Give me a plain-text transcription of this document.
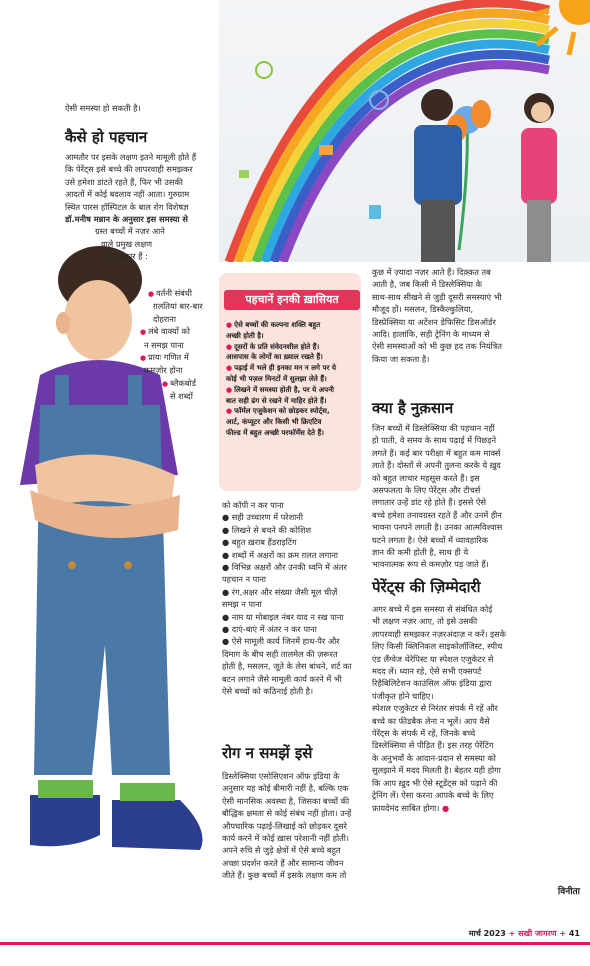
ऐसी समस्या हो सकती है।
कैसे हो पहचान

आमतौर पर इसके लक्षण इतने मामूली होते हैं

कि पेरेंट्स इसे बच्चे की लापरवाही समझकर

उसे हमेशा डांटते रहते हैं, फिर भी उसकी

आदतों में कोई बदलाव नहीं आता। गुरुग्राम

स्थित पारस हॉस्पिटल के बाल रोग विशेषज्ञ

डॉ.मनीष मन्नान के अनुसार इस समस्या से

ग्रस्त बच्चों में नज़र आने

वाले प्रमुख लक्षण

इस प्रकार हैं :

● वर्तनी संबंधी

ग़लतियां बार-बार

दोहराना

● लंबे वाक्यों को

न समझ पाना

● प्रायः गणित में

कमज़ोर होना

● ब्लैकबोर्ड

से शब्दों

पहचानें इनकी ख़ासियत
● ऐसे बच्चों की कल्पना शक्ति बहुत
अच्छी होती है।
● दूसरों के प्रति संवेदनशील होते हैं।
आसपास के लोगों का ख़्याल रखते हैं।
● पढ़ाई में भले ही इनका मन न लगे पर ये
कोई भी पज़ल मिनटों में सुलझा लेते हैं।
● लिखने में समस्या होती है, पर ये अपनी
बात सही ढंग से रखने में माहिर होते हैं।
● फॉर्मल एजुकेशन को छोड़कर स्पोर्ट्स,
आर्ट, कंप्यूटर और किसी भी क्रिएटिव
फील्ड में बहुत अच्छी परफॉर्मेंस देते हैं।

को कॉपी न कर पाना

● सही उच्चारण में परेशानी

● लिखने से बचने की कोशिश

● बहुत ख़राब हैंडराइटिंग

● शब्दों में अक्षरों का क्रम ग़लत लगाना

● विभिन्न अक्षरों और उनकी ध्वनि में अंतर

पहचान न पाना

● रंग,अक्षर और संख्या जैसी मूल चीज़ें

समझ न पाना

● नाम या मोबाइल नंबर याद न रख पाना

● दाएं-बाएं में अंतर न कर पाना

● ऐसे मामूली कार्य जिनमें हाथ-पैर और

दिमाग के बीच सही तालमेल की ज़रूरत

होती है, मसलन, जूते के लेस बांधने, शर्ट का

बटन लगाने जैसे मामूली कार्य करने में भी

ऐसे बच्चों को कठिनाई होती है।

रोग न समझें इसे

डिस्लेक्सिया एसोसिएशन ऑफ इंडिया के

अनुसार यह कोई बीमारी नहीं है, बल्कि एक

ऐसी मानसिक अवस्था है, जिसका बच्चों की

बौद्धिक क्षमता से कोई संबंध नहीं होता। उन्हें

औपचारिक पढ़ाई-लिखाई को छोड़कर दूसरे

कार्य करने में कोई ख़ास परेशानी नहीं होती।

अपने रुचि से जुड़े क्षेत्रों में ऐसे बच्चे बहुत

अच्छा प्रदर्शन करते हैं और सामान्य जीवन

जीते हैं। कुछ बच्चों में इसके लक्षण कम तो

कुछ में ज़्यादा नज़र आते हैं। दिक़्क़त तब

आती है, जब किसी में डिस्लेक्सिया के

साथ-साथ सीखने से जुड़ी दूसरी समस्याएं भी

मौजूद हों। मसलन, डिस्कैल्कुलिया,

डिस्प्रेक्सिया या अटेंशन डेफिसिट डिसऑर्डर

आदि। हालांकि, सही ट्रेनिंग के माध्यम से

ऐसी समस्याओं को भी कुछ हद तक नियंत्रित

किया जा सकता है।

क्या है नुक़सान

जिन बच्चों में डिस्लेक्सिया की पहचान नहीं

हो पाती, वे समय के साथ पढ़ाई में पिछड़ने

लगते हैं। कई बार परीक्षा में बहुत कम मार्क्स

लाते हैं। दोस्तों से अपनी तुलना करके ये ख़ुद

को बहुत लाचार महसूस करते हैं। इस

असफलता के लिए पेरेंट्स और टीचर्स

लगातार उन्हें डांट रहे होते हैं। इससे ऐसे

बच्चे हमेशा तनावग्रस्त रहते हैं और उनमें हीन

भावना पनपने लगती है। उनका आत्मविश्वास

घटने लगता है। ऐसे बच्चों में व्यावहारिक

ज्ञान की कमी होती है, साथ ही ये

भावनात्मक रूप से कमज़ोर पड़ जाते हैं।

पेरेंट्स की ज़िम्मेदारी

अगर बच्चे में इस समस्या से संबंधित कोई

भी लक्षण नज़र आए, तो इसे उसकी

लापरवाही समझकर नज़रअंदाज़ न करें। इसके

लिए किसी क्लिनिकल साइकोलॉजिस्ट, स्पीच

एंड लैंग्वेज थेरेपिस्ट या स्पेशल एजुकेटर से

मदद लें। ध्यान रहे, ऐसे सभी एक्सपर्ट

रिहैबिलिटेशन काउंसिल ऑफ इंडिया द्वारा

पंजीकृत होने चाहिए।

स्पेशल एजुकेटर से निरंतर संपर्क में रहें और

बच्चे का फीडबैक लेना न भूलें। आप वैसे

पेरेंट्स के संपर्क में रहें, जिनके बच्चे

डिस्लेक्सिया से पीड़ित हैं। इस तरह पेरेंटिंग

के अनुभवों के आदान-प्रदान से समस्या को

सुलझाने में मदद मिलती है। बेहतर यही होगा

कि आप ख़ुद भी ऐसे स्टूडेंट्स को पढ़ाने की

ट्रेनिंग लें। ऐसा करना आपके बच्चे के लिए

फ़ायदेमंद साबित होगा। ●

विनीता
मार्च 2023 + सखी जागरण + 41
